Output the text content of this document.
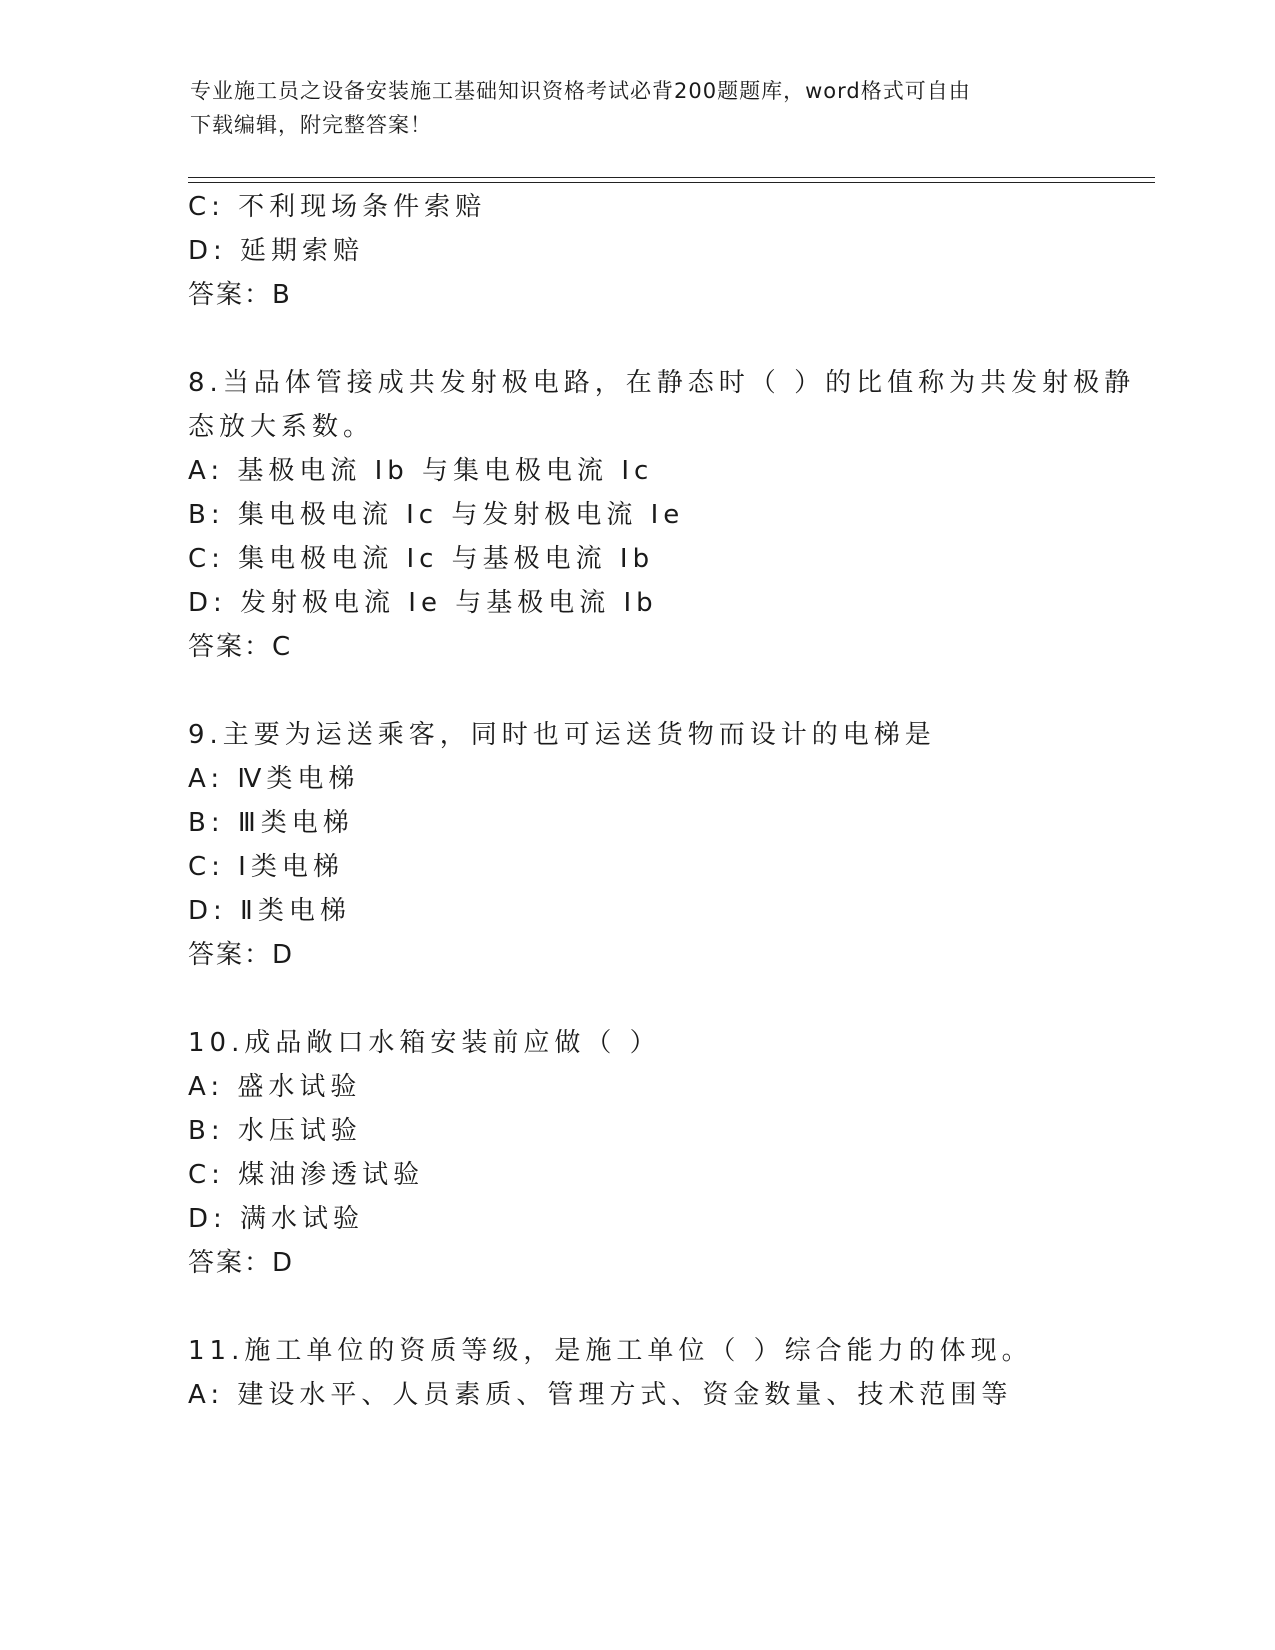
专业施工员之设备安装施工基础知识资格考试必背200题题库，word格式可自由
下载编辑，附完整答案！
C: 不利现场条件索赔
D: 延期索赔
答案：B
8.当品体管接成共发射极电路，在静态时（ ）的比值称为共发射极静
态放大系数。
A: 基极电流 Ib 与集电极电流 Ic
B: 集电极电流 Ic 与发射极电流 Ie
C: 集电极电流 Ic 与基极电流 Ib
D: 发射极电流 Ie 与基极电流 Ib
答案：C
9.主要为运送乘客，同时也可运送货物而设计的电梯是
A: Ⅳ类电梯
B: Ⅲ类电梯
C: Ⅰ类电梯
D: Ⅱ类电梯
答案：D
10.成品敞口水箱安装前应做（ ）
A: 盛水试验
B: 水压试验
C: 煤油渗透试验
D: 满水试验
答案：D
11.施工单位的资质等级，是施工单位（ ）综合能力的体现。
A: 建设水平、人员素质、管理方式、资金数量、技术范围等
